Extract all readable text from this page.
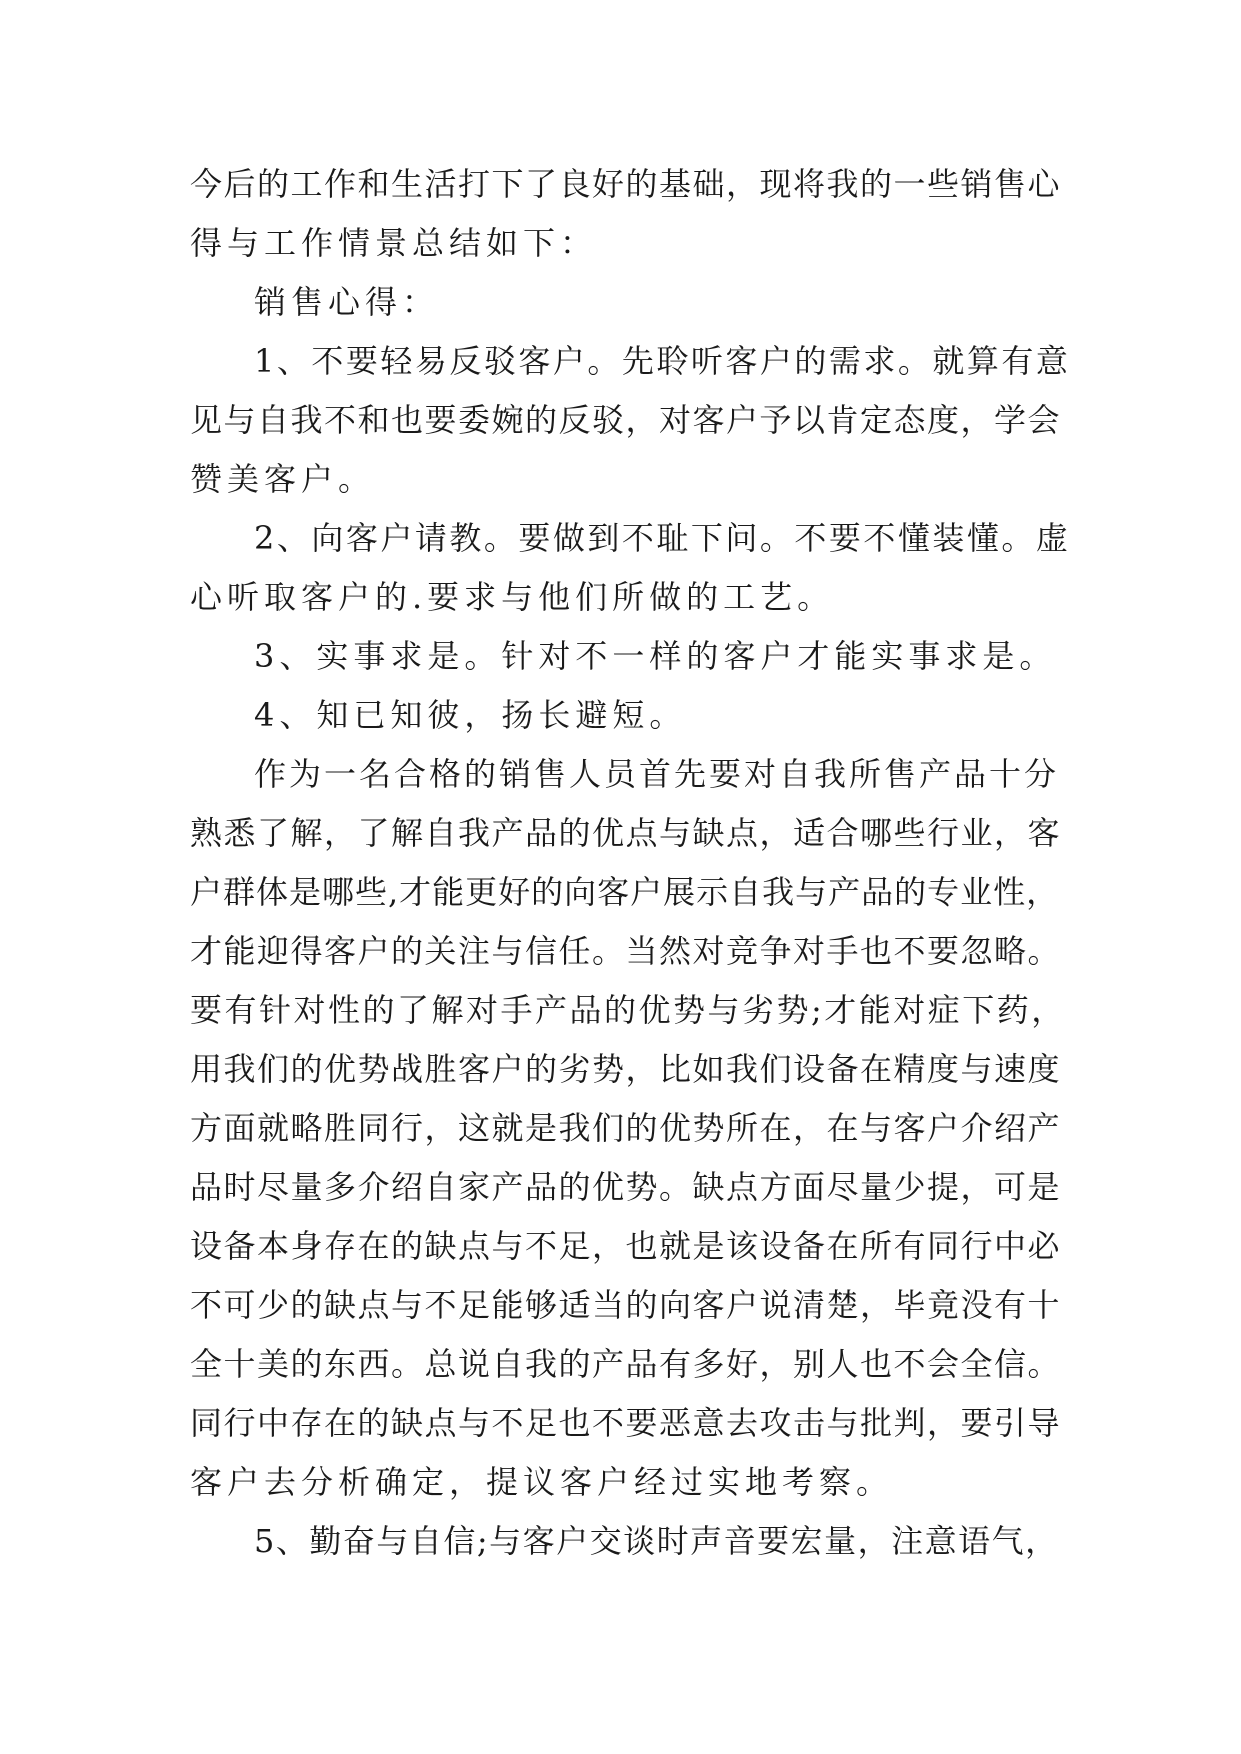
今后的工作和生活打下了良好的基础，现将我的一些销售心
得与工作情景总结如下：
销售心得：
1、不要轻易反驳客户。先聆听客户的需求。就算有意
见与自我不和也要委婉的反驳，对客户予以肯定态度，学会
赞美客户。
2、向客户请教。要做到不耻下问。不要不懂装懂。虚
心听取客户的.要求与他们所做的工艺。
3、实事求是。针对不一样的客户才能实事求是。
4、知已知彼，扬长避短。
作为一名合格的销售人员首先要对自我所售产品十分
熟悉了解，了解自我产品的优点与缺点，适合哪些行业，客
户群体是哪些,才能更好的向客户展示自我与产品的专业性，
才能迎得客户的关注与信任。当然对竞争对手也不要忽略。
要有针对性的了解对手产品的优势与劣势;才能对症下药，
用我们的优势战胜客户的劣势，比如我们设备在精度与速度
方面就略胜同行，这就是我们的优势所在，在与客户介绍产
品时尽量多介绍自家产品的优势。缺点方面尽量少提，可是
设备本身存在的缺点与不足，也就是该设备在所有同行中必
不可少的缺点与不足能够适当的向客户说清楚，毕竟没有十
全十美的东西。总说自我的产品有多好，别人也不会全信。
同行中存在的缺点与不足也不要恶意去攻击与批判，要引导
客户去分析确定，提议客户经过实地考察。
5、勤奋与自信;与客户交谈时声音要宏量，注意语气，
